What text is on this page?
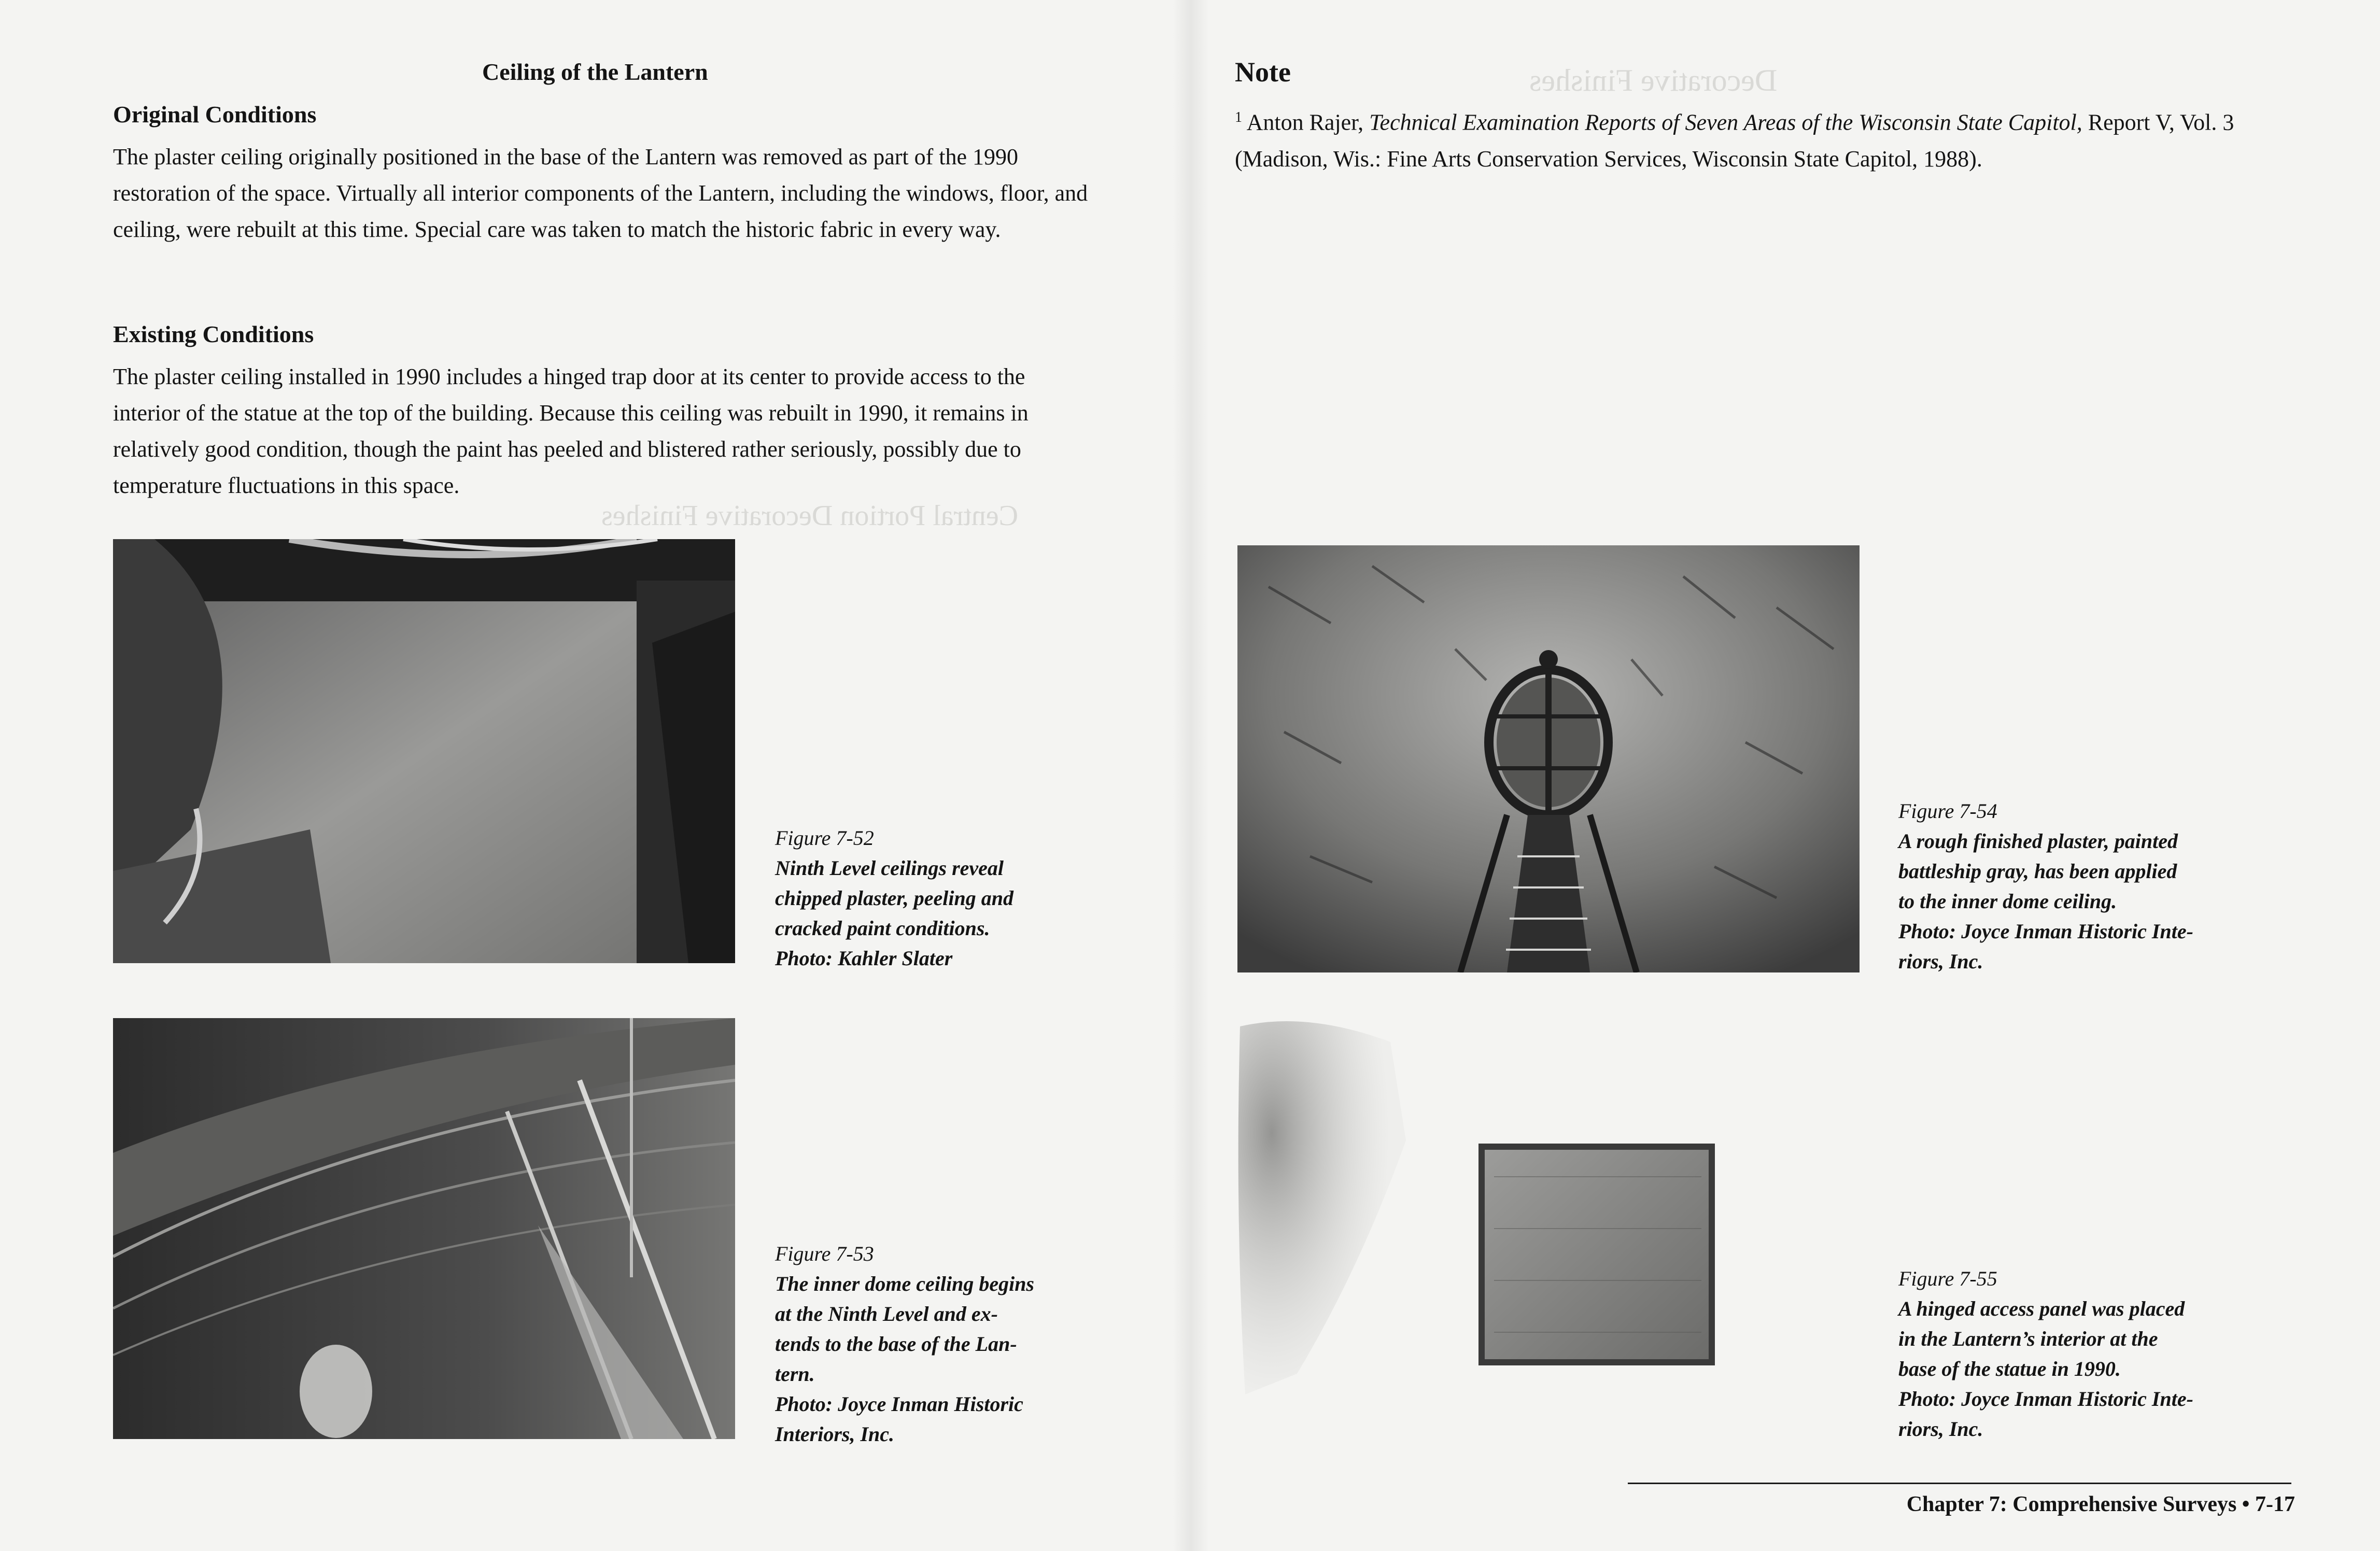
Decorative Finishes
Central Portion Decorative Finishes
Ceiling of the Lantern
Original Conditions

The plaster ceiling originally positioned in the base of the Lantern was removed as part of the 1990 restoration of the space. Virtually all interior components of the Lantern, including the windows, floor, and ceiling, were rebuilt at this time. Special care was taken to match the historic fabric in every way.

Existing Conditions

The plaster ceiling installed in 1990 includes a hinged trap door at its center to provide access to the interior of the statue at the top of the building. Because this ceiling was rebuilt in 1990, it remains in relatively good condition, though the paint has peeled and blistered rather seriously, possibly due to temperature fluctuations in this space.

Figure 7-52
Ninth Level ceilings reveal
chipped plaster, peeling and
cracked paint conditions.
Photo: Kahler Slater
Figure 7-53
The inner dome ceiling begins
at the Ninth Level and ex-
tends to the base of the Lan-
tern.
Photo: Joyce Inman Historic
Interiors, Inc.
Note

$^1$ Anton Rajer, Technical Examination Reports of Seven Areas of the Wisconsin State Capitol, Report V, Vol. 3 (Madison, Wis.: Fine Arts Conservation Services, Wisconsin State Capitol, 1988).

Figure 7-54
A rough finished plaster, painted
battleship gray, has been applied
to the inner dome ceiling.
Photo: Joyce Inman Historic Inte-
riors, Inc.
Figure 7-55
A hinged access panel was placed
in the Lantern’s interior at the
base of the statue in 1990.
Photo: Joyce Inman Historic Inte-
riors, Inc.
Chapter 7: Comprehensive Surveys • 7-17
